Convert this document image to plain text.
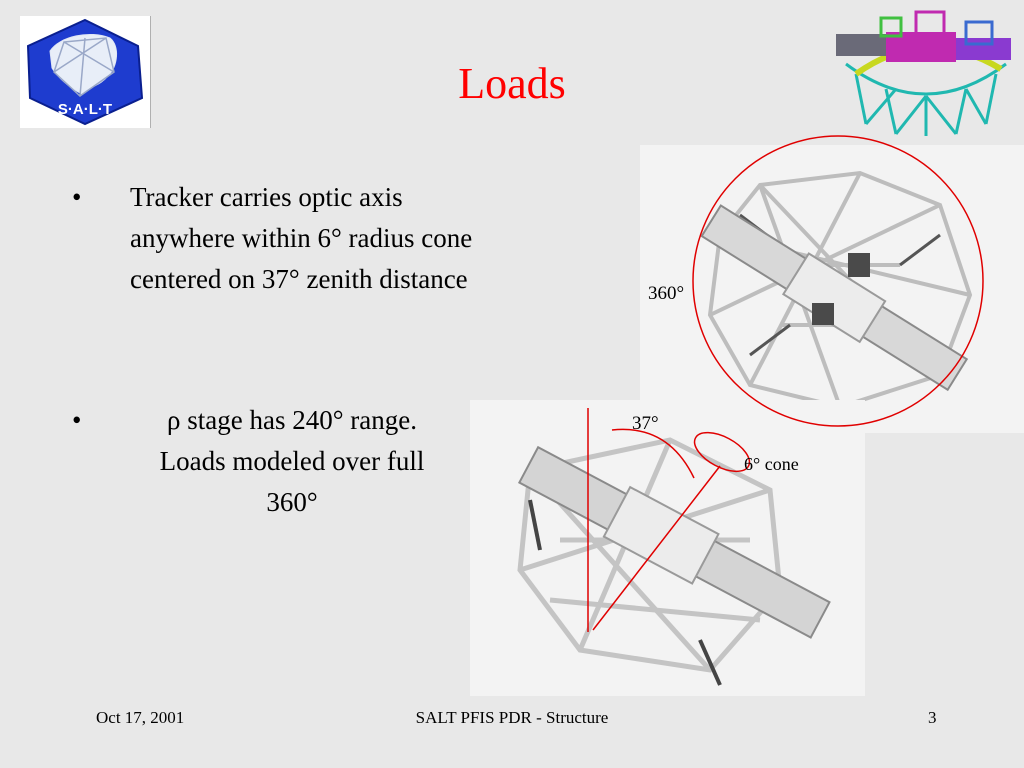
S·A·L·T
Loads
• Tracker carries optic axis
anywhere within 6° radius cone
centered on 37° zenith distance
•	ρ stage has 240° range.
Loads modeled over full
360°
360°
37°
6° cone
Oct 17, 2001	SALT PFIS PDR - Structure	3
